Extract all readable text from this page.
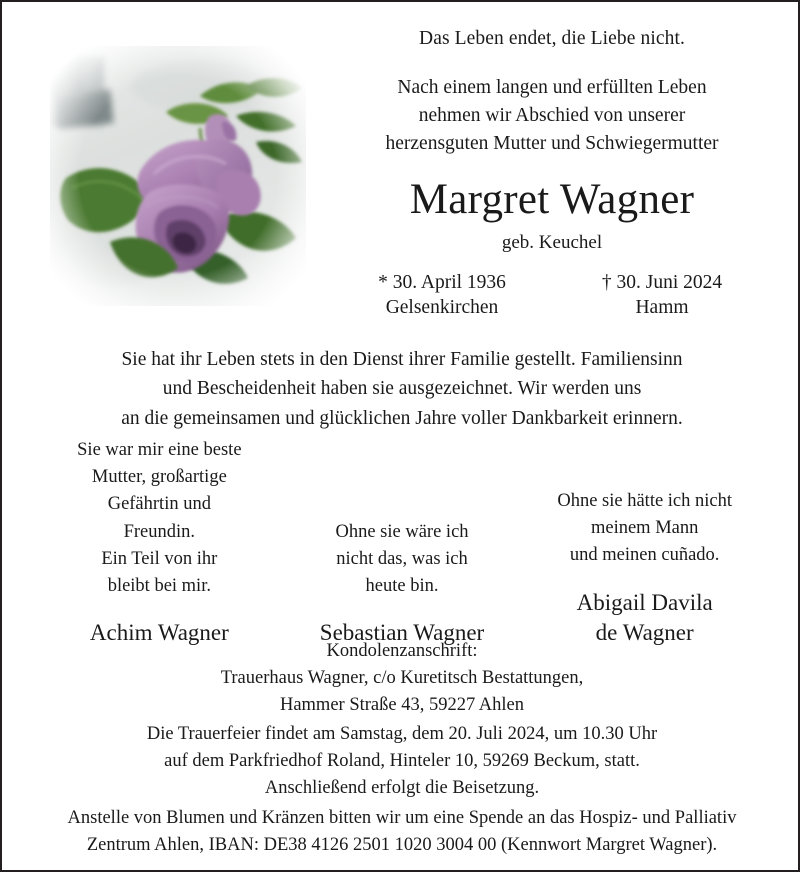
Das Leben endet, die Liebe nicht.
Nach einem langen und erfüllten Leben
nehmen wir Abschied von unserer
herzensguten Mutter und Schwiegermutter
Margret Wagner
geb. Keuchel
* 30. April 1936
Gelsenkirchen
† 30. Juni 2024
Hamm
Sie hat ihr Leben stets in den Dienst ihrer Familie gestellt. Familiensinn
und Bescheidenheit haben sie ausgezeichnet. Wir werden uns
an die gemeinsamen und glücklichen Jahre voller Dankbarkeit erinnern.
Sie war mir eine beste
Mutter, großartige
Gefährtin und
Freundin.
Ein Teil von ihr
bleibt bei mir.
Achim Wagner
Ohne sie wäre ich
nicht das, was ich
heute bin.
Sebastian Wagner
Ohne sie hätte ich nicht
meinem Mann
und meinen cuñado.
Abigail Davila
de Wagner
Kondolenzanschrift:
Trauerhaus Wagner, c/o Kuretitsch Bestattungen,
Hammer Straße 43, 59227 Ahlen
Die Trauerfeier findet am Samstag, dem 20. Juli 2024, um 10.30 Uhr
auf dem Parkfriedhof Roland, Hinteler 10, 59269 Beckum, statt.
Anschließend erfolgt die Beisetzung.
Anstelle von Blumen und Kränzen bitten wir um eine Spende an das Hospiz- und Palliativ
Zentrum Ahlen, IBAN: DE38 4126 2501 1020 3004 00 (Kennwort Margret Wagner).
